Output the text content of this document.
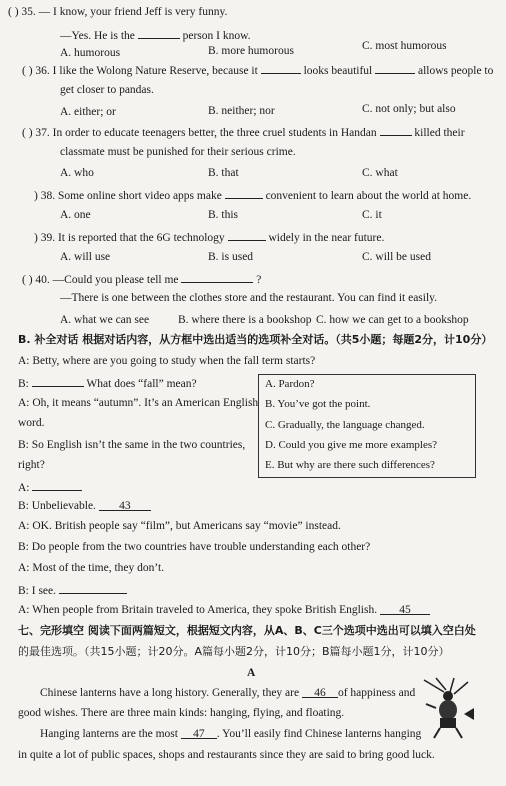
( ) 35. — I know, your friend Jeff is very funny.
—Yes. He is the	person I know.
A. humorous	B. more humorous	C. most humorous
( ) 36. I like the Wolong Nature Reserve, because it	looks beautiful	allows people to
get closer to pandas.
A. either; or	B. neither; nor	C. not only; but also
( ) 37. In order to educate teenagers better, the three cruel students in Handan	killed their
classmate must be punished for their serious crime.
A. who	B. that	C. what
) 38. Some online short video apps make	convenient to learn about the world at home.
A. one	B. this	C. it
) 39. It is reported that the 6G technology	widely in the near future.
A. will use	B. is used	C. will be used
( ) 40. —Could you please tell me	?
—There is one between the clothes store and the restaurant. You can find it easily.
A. what we can see	B. where there is a bookshop C. how we can get to a bookshop
B. 补全对话 根据对话内容，从方框中选出适当的选项补全对话。（共5小题；每题2分，计10分）
A: Betty, where are you going to study when the fall term starts?
B:	What does “fall” mean?
A: Oh, it means “autumn”. It’s an American English
word.
B: So English isn’t the same in the two countries,
right?
A:
B: Unbelievable. 43
A: OK. British people say “film”, but Americans say “movie” instead.
B: Do people from the two countries have trouble understanding each other?
A: Most of the time, they don’t.
B: I see.
A: When people from Britain traveled to America, they spoke British English. 45
A. Pardon?
B. You’ve got the point.
C. Gradually, the language changed.
D. Could you give me more examples?
E. But why are there such differences?
七、完形填空 阅读下面两篇短文，根据短文内容，从A、B、C三个选项中选出可以填入空白处
的最佳选项。（共15小题；计20分。A篇每小题2分，计10分；B篇每小题1分，计10分）
A
Chinese lanterns have a long history. Generally, they are 46 of happiness and
good wishes. There are three main kinds: hanging, flying, and floating.
Hanging lanterns are the most 47 . You’ll easily find Chinese lanterns hanging
in quite a lot of public spaces, shops and restaurants since they are said to bring good luck.
